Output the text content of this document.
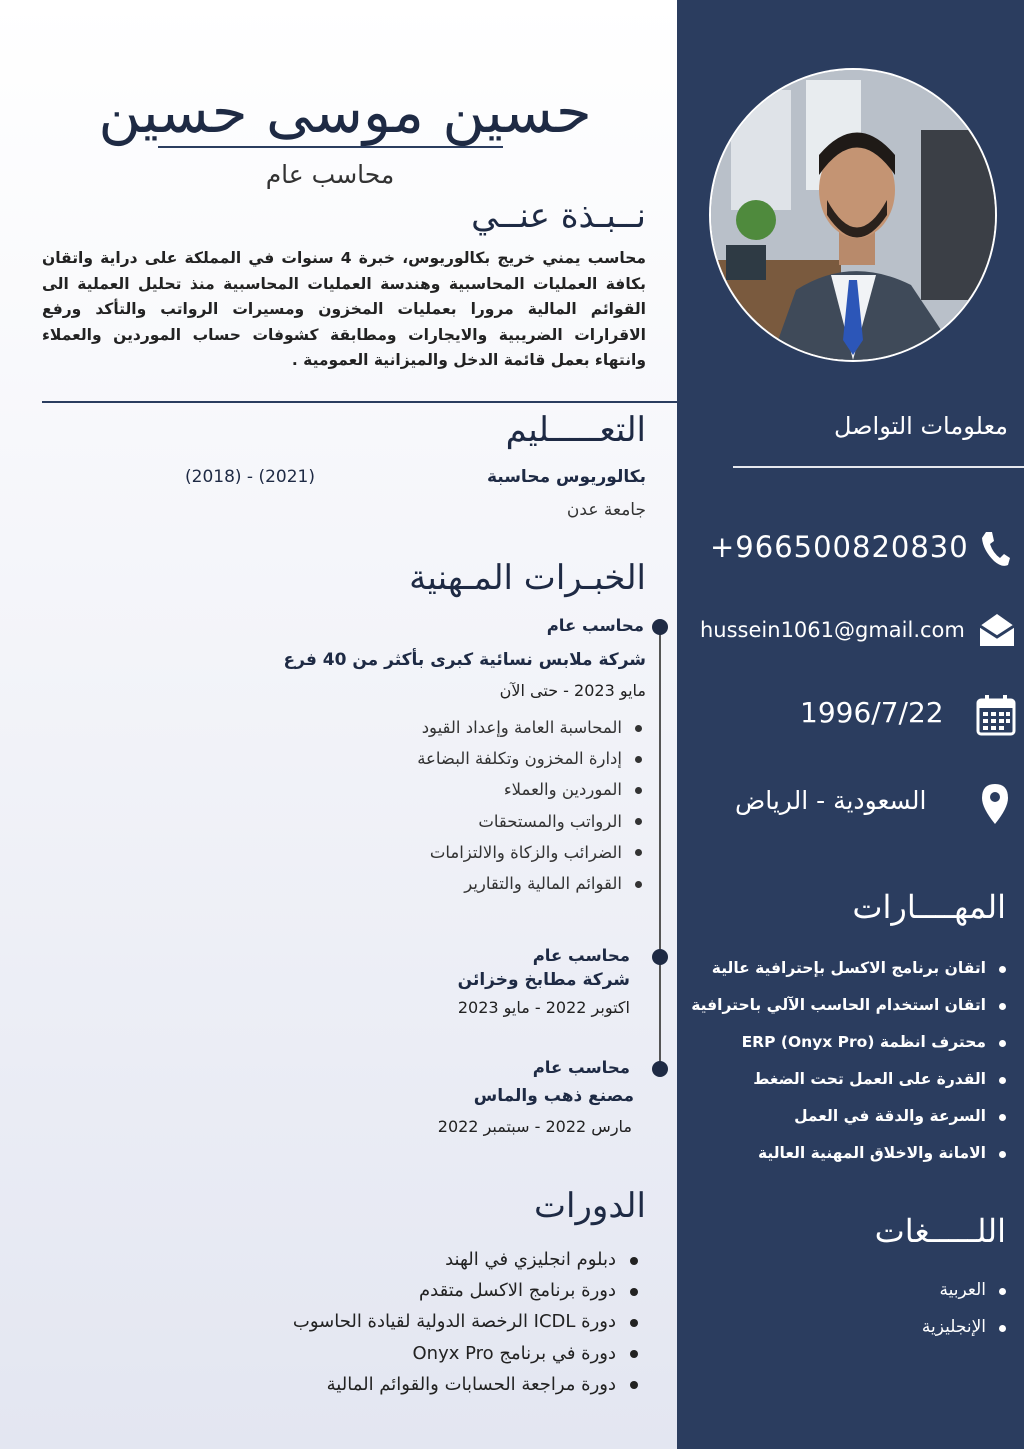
حسين موسى حسين
محاسب عام
نــبـذة عنــي
محاسب يمني خريج بكالوريوس، خبرة 4 سنوات في المملكة على دراية واتقان بكافة العمليات المحاسبية وهندسة العمليات المحاسبية منذ تحليل العملية الى القوائم المالية مرورا بعمليات المخزون ومسيرات الرواتب والتأكد ورفع الاقرارات الضريبية والايجارات ومطابقة كشوفات حساب الموردين والعملاء وانتهاء بعمل قائمة الدخل والميزانية العمومية .
التعـــــليم
بكالوريوس محاسبة
(2018) - (2021)
جامعة عدن
الخبـرات المـهنية
محاسب عام
شركة ملابس نسائية كبرى بأكثر من 40 فرع
مايو 2023 - حتى الآن
المحاسبة العامة وإعداد القيود
إدارة المخزون وتكلفة البضاعة
الموردين والعملاء
الرواتب والمستحقات
الضرائب والزكاة والالتزامات
القوائم المالية والتقارير
محاسب عام
شركة مطابخ وخزائن
اكتوبر 2022 - مايو 2023
محاسب عام
مصنع ذهب والماس
مارس 2022 - سبتمبر 2022
الدورات
دبلوم انجليزي في الهند
دورة برنامج الاكسل متقدم
دورة ICDL الرخصة الدولية لقيادة الحاسوب
دورة في برنامج Onyx Pro
دورة مراجعة الحسابات والقوائم المالية
معلومات التواصل
+966500820830
hussein1061@gmail.com
1996/7/22
السعودية - الرياض
المهــــارات
اتقان برنامج الاكسل بإحترافية عالية
اتقان استخدام الحاسب الآلي باحترافية
محترف انظمة (Onyx Pro) ERP
القدرة على العمل تحت الضغط
السرعة والدقة في العمل
الامانة والاخلاق المهنية العالية
اللـــــغات
العربية
الإنجليزية
